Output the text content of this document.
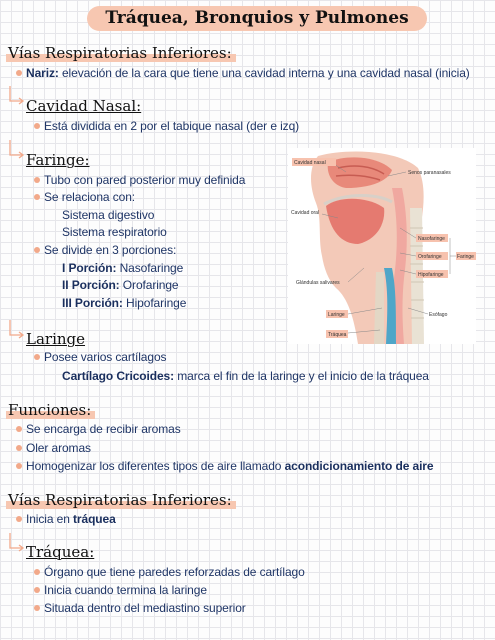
Tráquea, Bronquios y Pulmones
Vías Respiratorias Inferiores:
Nariz: elevación de la cara que tiene una cavidad interna y una cavidad nasal (inicia)
Cavidad Nasal:
Está dividida en 2 por el tabique nasal (der e izq)
Faringe:
Tubo con pared posterior muy definida
Se relaciona con:
Sistema digestivo
Sistema respiratorio
Se divide en 3 porciones:
I Porción: Nasofaringe
II Porción: Orofaringe
III Porción: Hipofaringe
Cavidad nasal
Senos paranasales
Cavidad oral
Nasofaringe
Orofaringe
Hipofaringe
Faringe
Glándulas salivares
Laringe	Esófago
Tráquea
Laringe
Posee varios cartílagos
Cartílago Cricoides: marca el fin de la laringe y el inicio de la tráquea
Funciones:
Se encarga de recibir aromas
Oler aromas
Homogenizar los diferentes tipos de aire llamado acondicionamiento de aire
Vías Respiratorias Inferiores:
Inicia en tráquea
Tráquea:
Órgano que tiene paredes reforzadas de cartílago
Inicia cuando termina la laringe
Situada dentro del mediastino superior
